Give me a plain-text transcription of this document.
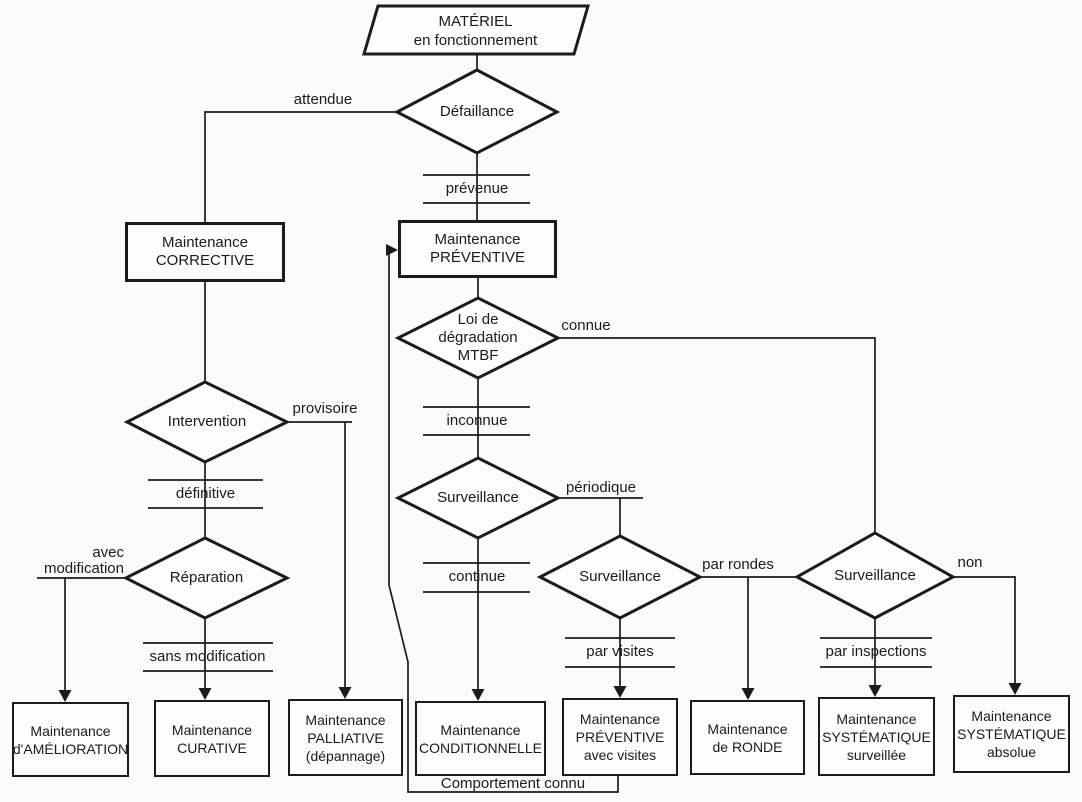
MATÉRIEL
en fonctionnement
Défaillance
Loi de
dégradation
MTBF
Intervention
Réparation
Surveillance
Surveillance	Surveillance
Maintenance
CORRECTIVE
Maintenance
PRÉVENTIVE
Maintenance
d'AMÉLIORATION
Maintenance
CURATIVE
Maintenance
PALLIATIVE
(dépannage)
Maintenance
CONDITIONNELLE
Maintenance
PRÉVENTIVE
avec visites
Maintenance
de RONDE
Maintenance
SYSTÉMATIQUE
surveillée
Maintenance
SYSTÉMATIQUE
absolue
attendue
prévenue
connue
inconnue
provisoire
définitive
avec
modification
sans modification
périodique
continue
par rondes
par visites	par inspections
non
Comportement connu
